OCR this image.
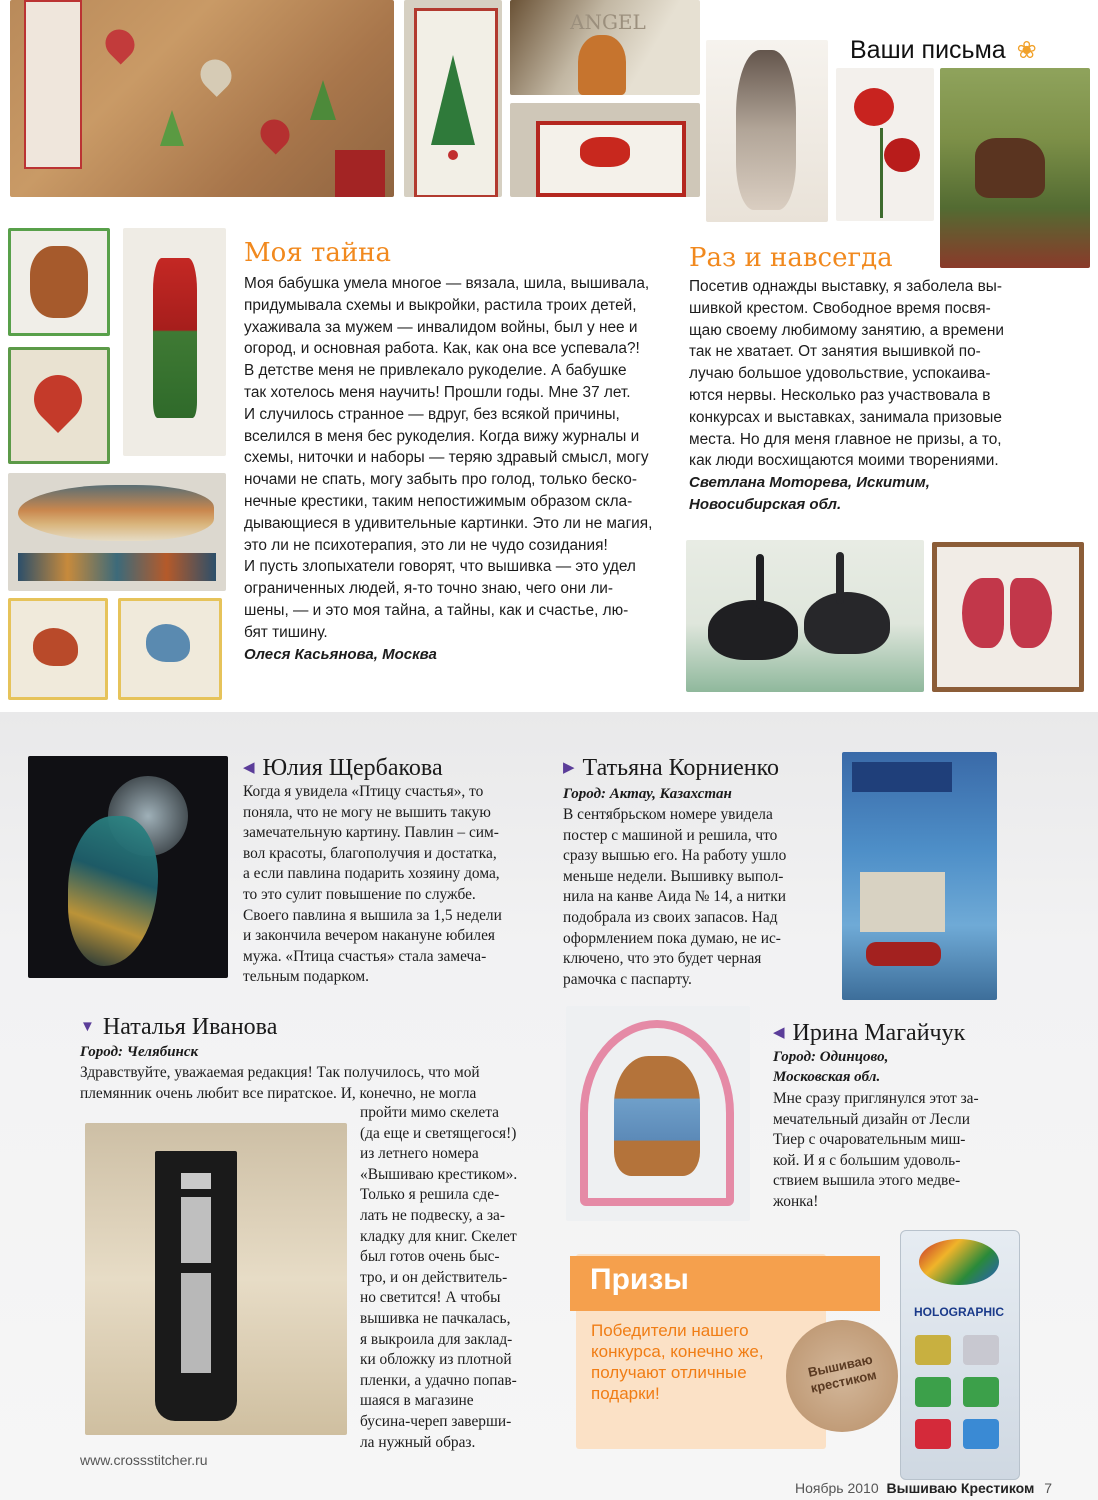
ANGEL
Ваши письма ❀
Моя тайна
Моя бабушка умела многое — вязала, шила, вышивала,
придумывала схемы и выкройки, растила троих детей,
ухаживала за мужем — инвалидом войны, был у нее и
огород, и основная работа. Как, как она все успевала?!
В детстве меня не привлекало рукоделие. А бабушке
так хотелось меня научить! Прошли годы. Мне 37 лет.
И случилось странное — вдруг, без всякой причины,
вселился в меня бес рукоделия. Когда вижу журналы и
схемы, ниточки и наборы — теряю здравый смысл, могу
ночами не спать, могу забыть про голод, только беско-
нечные крестики, таким непостижимым образом скла-
дывающиеся в удивительные картинки. Это ли не магия,
это ли не психотерапия, это ли не чудо созидания!
И пусть злопыхатели говорят, что вышивка — это удел
ограниченных людей, я-то точно знаю, чего они ли-
шены, — и это моя тайна, а тайны, как и счастье, лю-
бят тишину.
Олеся Касьянова, Москва
Раз и навсегда
Посетив однажды выставку, я заболела вы-
шивкой крестом. Свободное время посвя-
щаю своему любимому занятию, а времени
так не хватает. От занятия вышивкой по-
лучаю большое удовольствие, успокаива-
ются нервы. Несколько раз участвовала в
конкурсах и выставках, занимала призовые
места. Но для меня главное не призы, а то,
как люди восхищаются моими творениями.
Светлана Моторева, Искитим,
Новосибирская обл.
◀ Юлия Щербакова
Когда я увидела «Птицу счастья», то
поняла, что не могу не вышить такую
замечательную картину. Павлин – сим-
вол красоты, благополучия и достатка,
а если павлина подарить хозяину дома,
то это сулит повышение по службе.
Своего павлина я вышила за 1,5 недели
и закончила вечером накануне юбилея
мужа. «Птица счастья» стала замеча-
тельным подарком.
▶ Татьяна Корниенко
Город: Актау, Казахстан
В сентябрьском номере увидела
постер с машиной и решила, что
сразу вышью его. На работу ушло
меньше недели. Вышивку выпол-
нила на канве Аида № 14, а нитки
подобрала из своих запасов. Над
оформлением пока думаю, не ис-
ключено, что это будет черная
рамочка с паспарту.
▼ Наталья Иванова
Город: Челябинск
Здравствуйте, уважаемая редакция! Так получилось, что мой
племянник очень любит все пиратское. И, конечно, не могла
пройти мимо скелета
(да еще и светящегося!)
из летнего номера
«Вышиваю крестиком».
Только я решила сде-
лать не подвеску, а за-
кладку для книг. Скелет
был готов очень быс-
тро, и он действитель-
но светится! А чтобы
вышивка не пачкалась,
я выкроила для заклад-
ки обложку из плотной
пленки, а удачно попав-
шаяся в магазине
бусина-череп заверши-
ла нужный образ.
◀ Ирина Магайчук
Город: Одинцово,
Московская обл.
Мне сразу приглянулся этот за-
мечательный дизайн от Лесли
Тиер с очаровательным миш-
кой. И я с большим удоволь-
ствием вышила этого медве-
жонка!
Призы
Победители нашего конкурса, конечно же, получают отличные подарки!
Вышиваю крестиком
HOLOGRAPHIC
www.crossstitcher.ru
Ноябрь 2010 Вышиваю Крестиком 7
